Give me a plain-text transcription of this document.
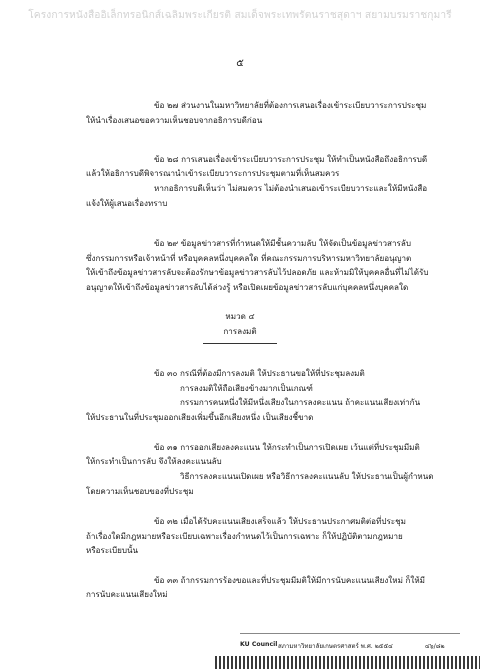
โครงการหนังสืออิเล็กทรอนิกส์เฉลิมพระเกียรติ สมเด็จพระเทพรัตนราชสุดาฯ สยามบรมราชกุมารี
๕
ข้อ ๒๗ ส่วนงานในมหาวิทยาลัยที่ต้องการเสนอเรื่องเข้าระเบียบวาระการประชุม
ให้นำเรื่องเสนอขอความเห็นชอบจากอธิการบดีก่อน
ข้อ ๒๘ การเสนอเรื่องเข้าระเบียบวาระการประชุม ให้ทำเป็นหนังสือถึงอธิการบดี
แล้วให้อธิการบดีพิจารณานำเข้าระเบียบวาระการประชุมตามที่เห็นสมควร
หากอธิการบดีเห็นว่า ไม่สมควร ไม่ต้องนำเสนอเข้าระเบียบวาระและให้มีหนังสือ
แจ้งให้ผู้เสนอเรื่องทราบ
ข้อ ๒๙ ข้อมูลข่าวสารที่กำหนดให้มีชั้นความลับ ให้จัดเป็นข้อมูลข่าวสารลับ
ซึ่งกรรมการหรือเจ้าหน้าที่ หรือบุคคลหนึ่งบุคคลใด ที่คณะกรรมการบริหารมหาวิทยาลัยอนุญาต
ให้เข้าถึงข้อมูลข่าวสารลับจะต้องรักษาข้อมูลข่าวสารลับไว้ปลอดภัย และห้ามมิให้บุคคลอื่นที่ไม่ได้รับ
อนุญาตให้เข้าถึงข้อมูลข่าวสารลับได้ล่วงรู้ หรือเปิดเผยข้อมูลข่าวสารลับแก่บุคคลหนึ่งบุคคลใด
หมวด ๔
การลงมติ
ข้อ ๓๐ กรณีที่ต้องมีการลงมติ ให้ประธานขอให้ที่ประชุมลงมติ
การลงมติให้ถือเสียงข้างมากเป็นเกณฑ์
กรรมการคนหนึ่งให้มีหนึ่งเสียงในการลงคะแนน ถ้าคะแนนเสียงเท่ากัน
ให้ประธานในที่ประชุมออกเสียงเพิ่มขึ้นอีกเสียงหนึ่ง เป็นเสียงชี้ขาด
ข้อ ๓๑ การออกเสียงลงคะแนน ให้กระทำเป็นการเปิดเผย เว้นแต่ที่ประชุมมีมติ
ให้กระทำเป็นการลับ จึงให้ลงคะแนนลับ
วิธีการลงคะแนนเปิดเผย หรือวิธีการลงคะแนนลับ ให้ประธานเป็นผู้กำหนด
โดยความเห็นชอบของที่ประชุม
ข้อ ๓๒ เมื่อได้รับคะแนนเสียงเสร็จแล้ว ให้ประธานประกาศมติต่อที่ประชุม
ถ้าเรื่องใดมีกฎหมายหรือระเบียบเฉพาะเรื่องกำหนดไว้เป็นการเฉพาะ ก็ให้ปฏิบัติตามกฎหมาย
หรือระเบียบนั้น
ข้อ ๓๓ ถ้ากรรมการร้องขอและที่ประชุมมีมติให้มีการนับคะแนนเสียงใหม่ ก็ให้มี
การนับคะแนนเสียงใหม่
KU Council สภามหาวิทยาลัยเกษตรศาสตร์ พ.ศ. ๒๕๕๔	๔๖/๘๒
